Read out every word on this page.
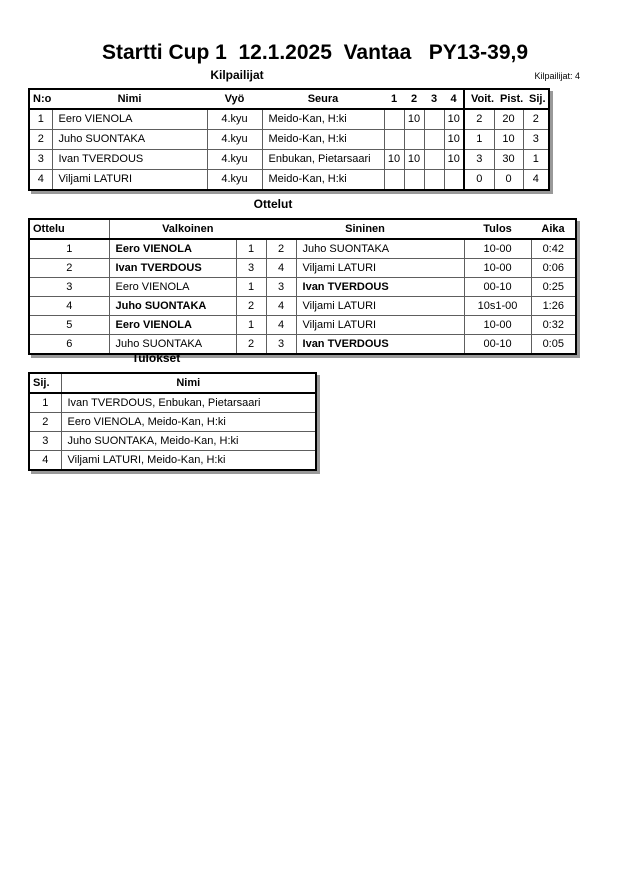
Startti Cup 1  12.1.2025  Vantaa   PY13-39,9
Kilpailijat	Kilpailijat: 4
N:o	Nimi	Vyö	Seura	1	2	3	4	Voit.	Pist.	Sij.
1	Eero VIENOLA	4.kyu	Meido-Kan, H:ki		10		10	2	20	2
2	Juho SUONTAKA	4.kyu	Meido-Kan, H:ki				10	1	10	3
3	Ivan TVERDOUS	4.kyu	Enbukan, Pietarsaari	10	10		10	3	30	1
4	Viljami LATURI	4.kyu	Meido-Kan, H:ki					0	0	4
Ottelut
Ottelu	Valkoinen		Sininen		Tulos	Aika
1	Eero VIENOLA	1	2	Juho SUONTAKA	10-00	0:42
2	Ivan TVERDOUS	3	4	Viljami LATURI	10-00	0:06
3	Eero VIENOLA	1	3	Ivan TVERDOUS	00-10	0:25
4	Juho SUONTAKA	2	4	Viljami LATURI	10s1-00	1:26
5	Eero VIENOLA	1	4	Viljami LATURI	10-00	0:32
6	Juho SUONTAKA	2	3	Ivan TVERDOUS	00-10	0:05
Tulokset
Sij.	Nimi
1	Ivan TVERDOUS, Enbukan, Pietarsaari
2	Eero VIENOLA, Meido-Kan, H:ki
3	Juho SUONTAKA, Meido-Kan, H:ki
4	Viljami LATURI, Meido-Kan, H:ki
